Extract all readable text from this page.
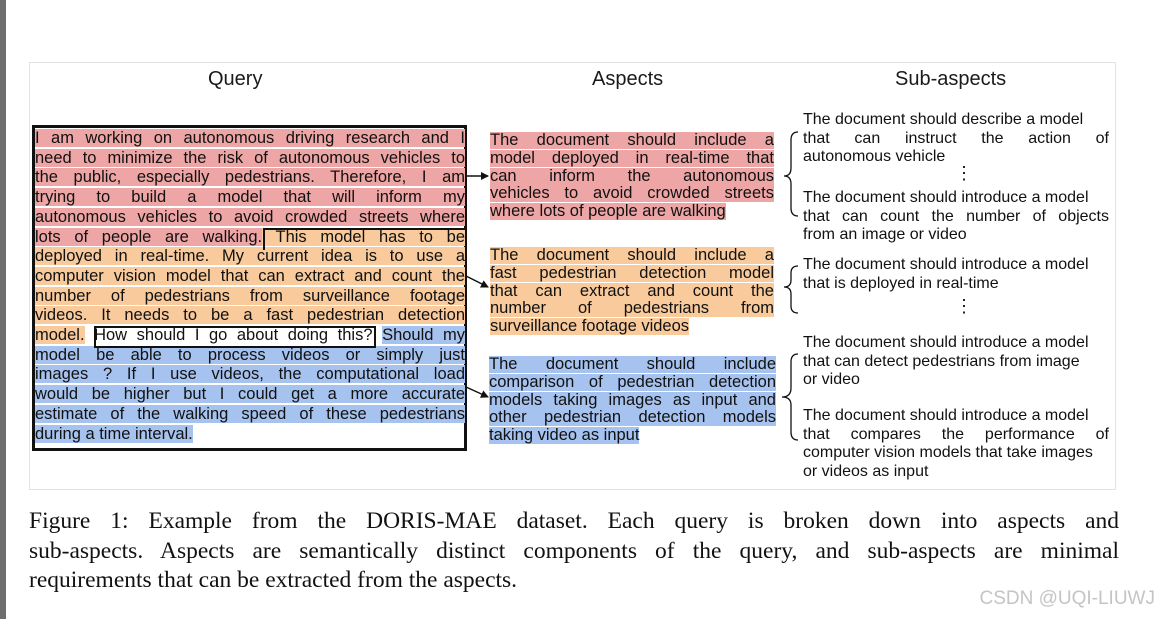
Query	Aspects	Sub-aspects
I am working on autonomous driving research and I
need to minimize the risk of autonomous vehicles to
the public, especially pedestrians. Therefore, I am
trying to build a model that will inform my
autonomous vehicles to avoid crowded streets where
lots of people are walking. This model has to be
deployed in real-time. My current idea is to use a
computer vision model that can extract and count the
number of pedestrians from surveillance footage
videos. It needs to be a fast pedestrian detection
model. How should I go about doing this? Should my
model be able to process videos or simply just
images ? If I use videos, the computational load
would be higher but I could get a more accurate
estimate of the walking speed of these pedestrians
during a time interval.
The document should include a
model deployed in real-time that
can inform the autonomous
vehicles to avoid crowded streets
where lots of people are walking
The document should include a
fast pedestrian detection model
that can extract and count the
number of pedestrians from
surveillance footage videos
The document should include
comparison of pedestrian detection
models taking images as input and
other pedestrian detection models
taking video as input
The document should describe a model
that can instruct the action of
autonomous vehicle
⋮
The document should introduce a model
that can count the number of objects
from an image or video
The document should introduce a model
that is deployed in real-time
⋮
The document should introduce a model
that can detect pedestrians from image
or video
The document should introduce a model
that compares the performance of
computer vision models that take images
or videos as input
Figure 1: Example from the DORIS-MAE dataset. Each query is broken down into aspects and
sub-aspects. Aspects are semantically distinct components of the query, and sub-aspects are minimal
requirements that can be extracted from the aspects.
CSDN @UQI-LIUWJ
